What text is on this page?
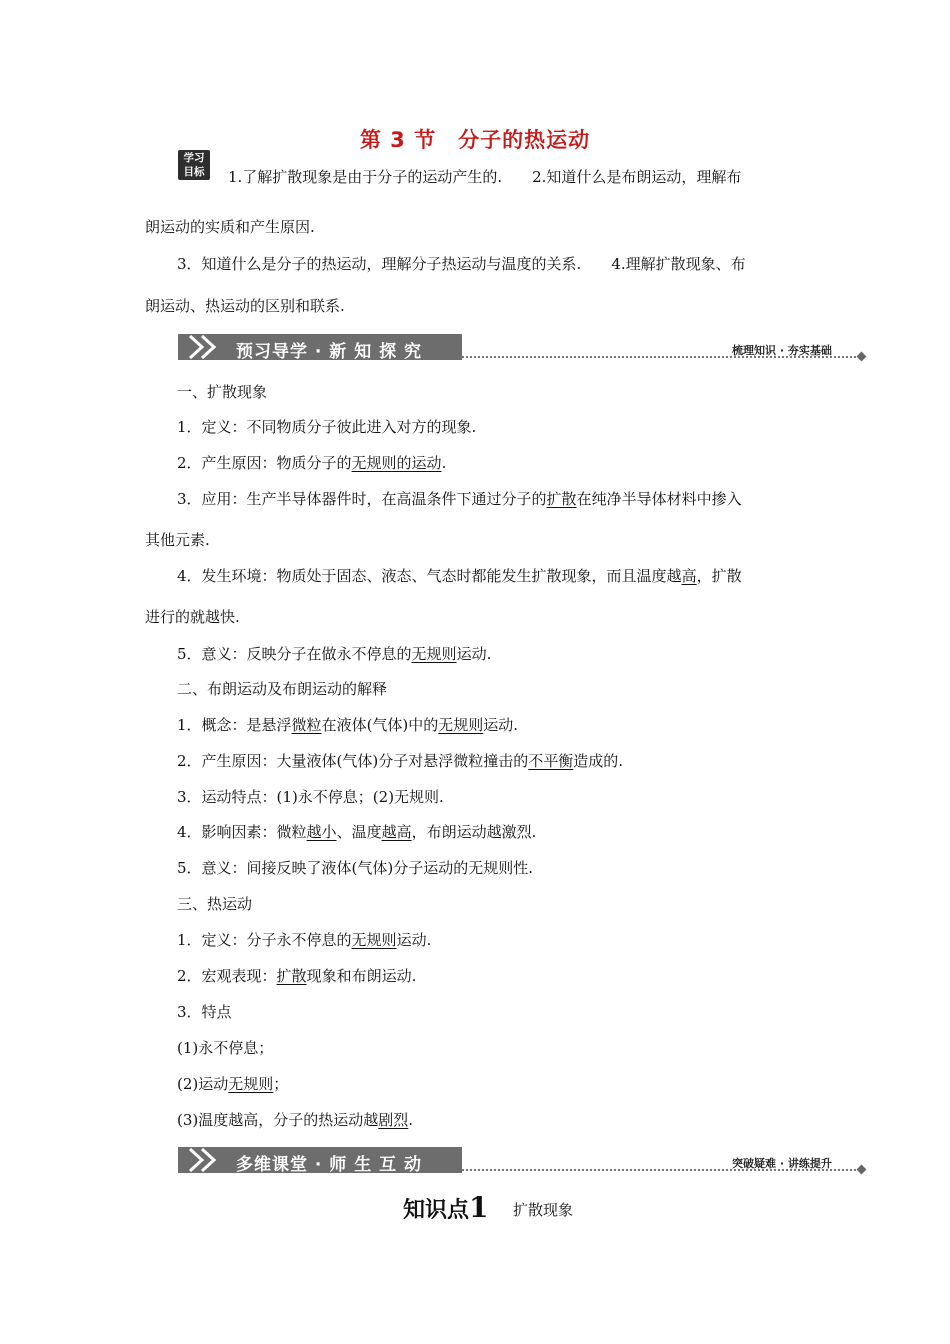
第 3 节　分子的热运动
学习
目标	1.了解扩散现象是由于分子的运动产生的.　　2.知道什么是布朗运动，理解布
朗运动的实质和产生原因.
3．知道什么是分子的热运动，理解分子热运动与温度的关系.　　4.理解扩散现象、布
朗运动、热运动的区别和联系.
预习导学 · 新 知 探 究	梳理知识 · 夯实基础
一、扩散现象
1．定义：不同物质分子彼此进入对方的现象.
2．产生原因：物质分子的无规则的运动.
3．应用：生产半导体器件时，在高温条件下通过分子的扩散在纯净半导体材料中掺入
其他元素.
4．发生环境：物质处于固态、液态、气态时都能发生扩散现象，而且温度越高，扩散
进行的就越快.
5．意义：反映分子在做永不停息的无规则运动.
二、布朗运动及布朗运动的解释
1．概念：是悬浮微粒在液体(气体)中的无规则运动.
2．产生原因：大量液体(气体)分子对悬浮微粒撞击的不平衡造成的.
3．运动特点：(1)永不停息；(2)无规则.
4．影响因素：微粒越小、温度越高，布朗运动越激烈.
5．意义：间接反映了液体(气体)分子运动的无规则性.
三、热运动
1．定义：分子永不停息的无规则运动.
2．宏观表现：扩散现象和布朗运动.
3．特点
(1)永不停息；
(2)运动无规则；
(3)温度越高，分子的热运动越剧烈.
多维课堂 · 师 生 互 动	突破疑难 · 讲练提升
知识点1 扩散现象
